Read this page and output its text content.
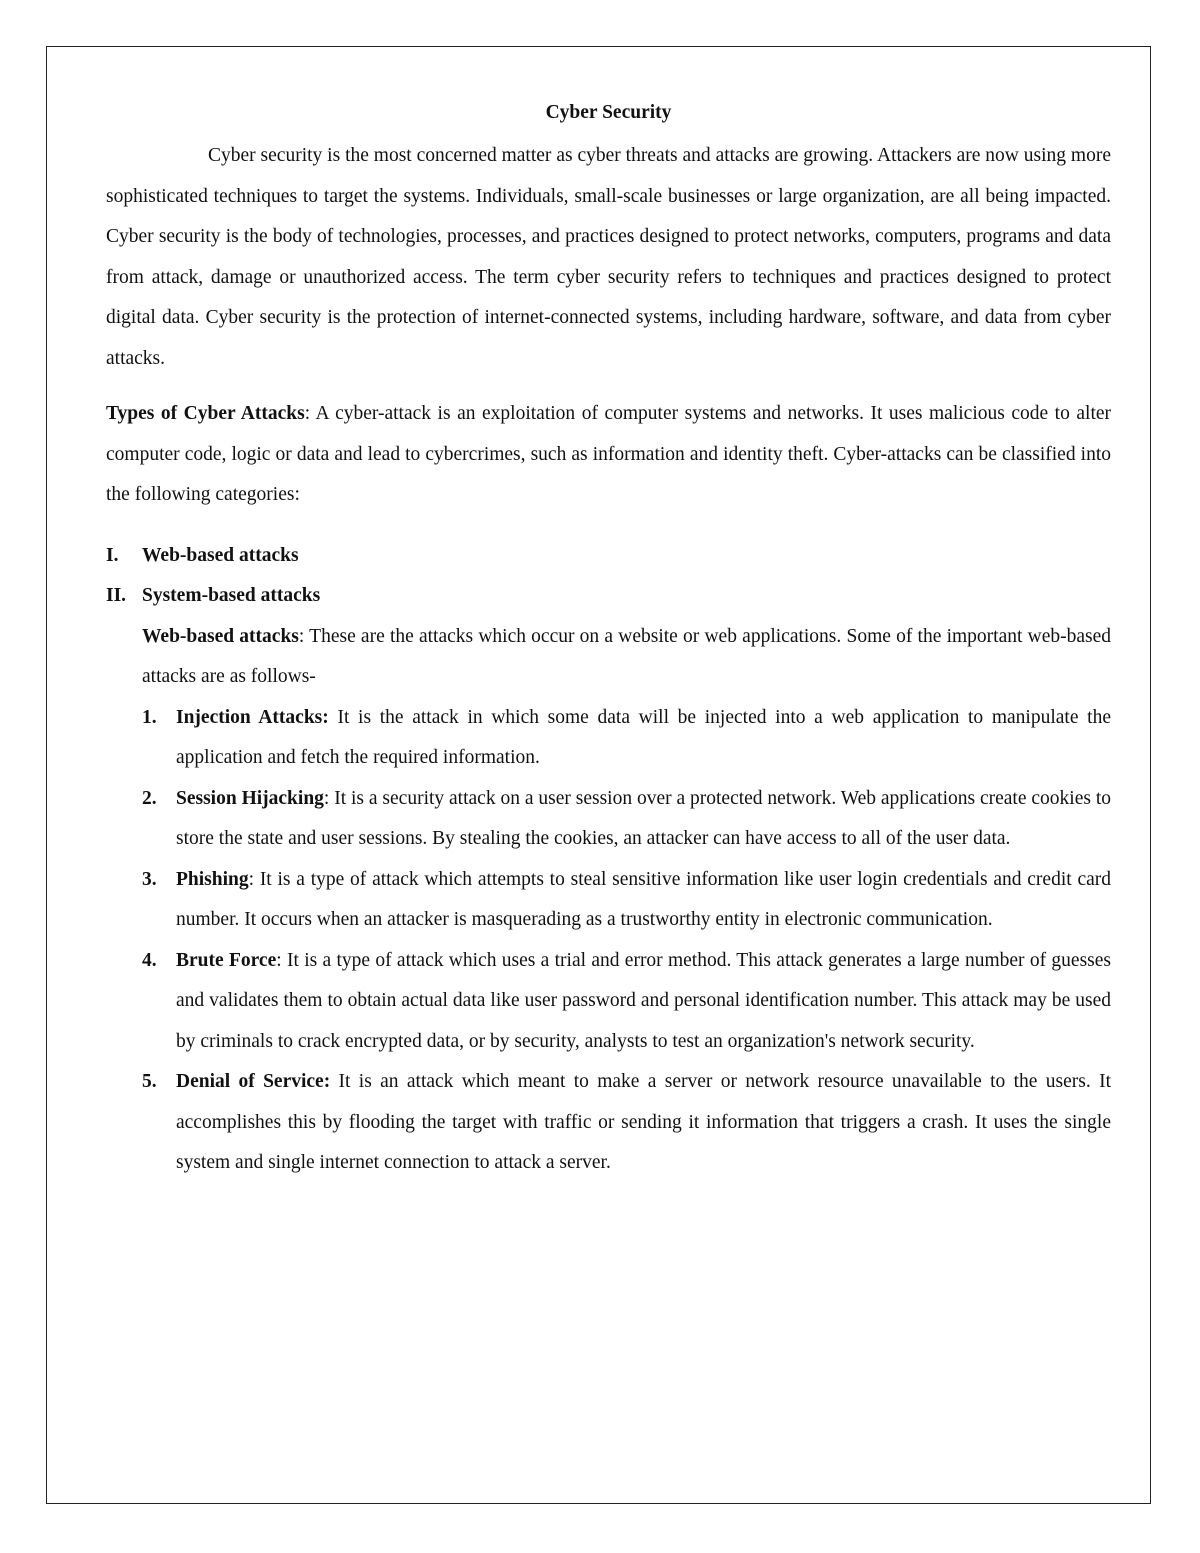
Cyber Security

Cyber security is the most concerned matter as cyber threats and attacks are growing. Attackers are now using more sophisticated techniques to target the systems. Individuals, small-scale businesses or large organization, are all being impacted. Cyber security is the body of technologies, processes, and practices designed to protect networks, computers, programs and data from attack, damage or unauthorized access. The term cyber security refers to techniques and practices designed to protect digital data. Cyber security is the protection of internet-connected systems, including hardware, software, and data from cyber attacks.

Types of Cyber Attacks: A cyber-attack is an exploitation of computer systems and networks. It uses malicious code to alter computer code, logic or data and lead to cybercrimes, such as information and identity theft. Cyber-attacks can be classified into the following categories:

I.	Web-based attacks
II. System-based attacks

Web-based attacks: These are the attacks which occur on a website or web applications. Some of the important web-based attacks are as follows-

1. Injection Attacks: It is the attack in which some data will be injected into a web application to manipulate the application and fetch the required information.
2. Session Hijacking: It is a security attack on a user session over a protected network. Web applications create cookies to store the state and user sessions. By stealing the cookies, an attacker can have access to all of the user data.
3. Phishing: It is a type of attack which attempts to steal sensitive information like user login credentials and credit card number. It occurs when an attacker is masquerading as a trustworthy entity in electronic communication.
4. Brute Force: It is a type of attack which uses a trial and error method. This attack generates a large number of guesses and validates them to obtain actual data like user password and personal identification number. This attack may be used by criminals to crack encrypted data, or by security, analysts to test an organization's network security.
5. Denial of Service: It is an attack which meant to make a server or network resource unavailable to the users. It accomplishes this by flooding the target with traffic or sending it information that triggers a crash. It uses the single system and single internet connection to attack a server.
